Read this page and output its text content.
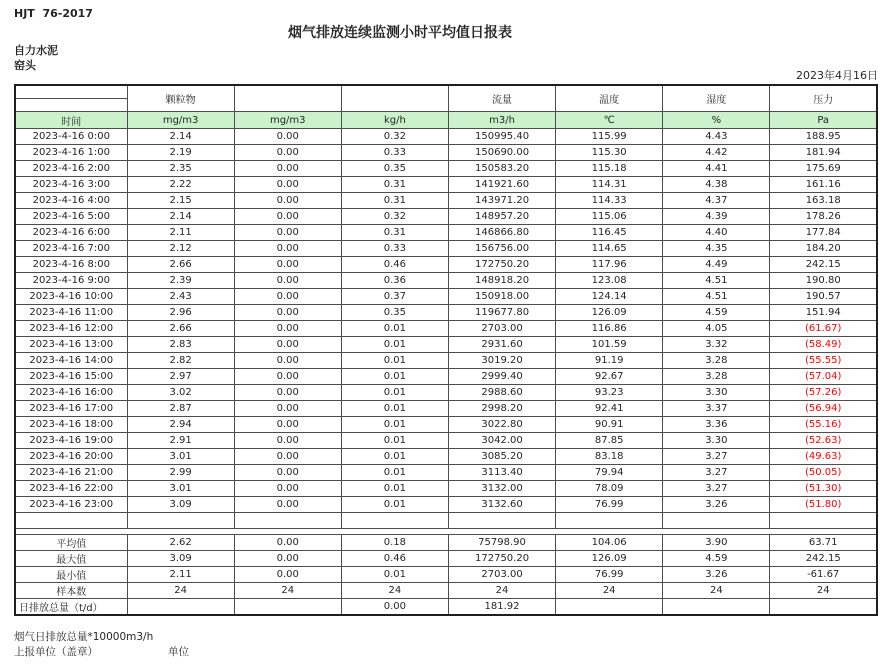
HJT  76-2017
烟气排放连续监测小时平均值日报表
自力水泥
窑头
2023年4月16日
	颗粒物			流量	温度	湿度	压力

时间	mg/m3	mg/m3	kg/h	m3/h	℃	%	Pa
2023-4-16 0:00	2.14	0.00	0.32	150995.40	115.99	4.43	188.95
2023-4-16 1:00	2.19	0.00	0.33	150690.00	115.30	4.42	181.94
2023-4-16 2:00	2.35	0.00	0.35	150583.20	115.18	4.41	175.69
2023-4-16 3:00	2.22	0.00	0.31	141921.60	114.31	4.38	161.16
2023-4-16 4:00	2.15	0.00	0.31	143971.20	114.33	4.37	163.18
2023-4-16 5:00	2.14	0.00	0.32	148957.20	115.06	4.39	178.26
2023-4-16 6:00	2.11	0.00	0.31	146866.80	116.45	4.40	177.84
2023-4-16 7:00	2.12	0.00	0.33	156756.00	114.65	4.35	184.20
2023-4-16 8:00	2.66	0.00	0.46	172750.20	117.96	4.49	242.15
2023-4-16 9:00	2.39	0.00	0.36	148918.20	123.08	4.51	190.80
2023-4-16 10:00	2.43	0.00	0.37	150918.00	124.14	4.51	190.57
2023-4-16 11:00	2.96	0.00	0.35	119677.80	126.09	4.59	151.94
2023-4-16 12:00	2.66	0.00	0.01	2703.00	116.86	4.05	(61.67)
2023-4-16 13:00	2.83	0.00	0.01	2931.60	101.59	3.32	(58.49)
2023-4-16 14:00	2.82	0.00	0.01	3019.20	91.19	3.28	(55.55)
2023-4-16 15:00	2.97	0.00	0.01	2999.40	92.67	3.28	(57.04)
2023-4-16 16:00	3.02	0.00	0.01	2988.60	93.23	3.30	(57.26)
2023-4-16 17:00	2.87	0.00	0.01	2998.20	92.41	3.37	(56.94)
2023-4-16 18:00	2.94	0.00	0.01	3022.80	90.91	3.36	(55.16)
2023-4-16 19:00	2.91	0.00	0.01	3042.00	87.85	3.30	(52.63)
2023-4-16 20:00	3.01	0.00	0.01	3085.20	83.18	3.27	(49.63)
2023-4-16 21:00	2.99	0.00	0.01	3113.40	79.94	3.27	(50.05)
2023-4-16 22:00	3.01	0.00	0.01	3132.00	78.09	3.27	(51.30)
2023-4-16 23:00	3.09	0.00	0.01	3132.60	76.99	3.26	(51.80)

平均值	2.62	0.00	0.18	75798.90	104.06	3.90	63.71
最大值	3.09	0.00	0.46	172750.20	126.09	4.59	242.15
最小值	2.11	0.00	0.01	2703.00	76.99	3.26	-61.67
样本数	24	24	24	24	24	24	24
日排放总量（t/d）			0.00	181.92			
烟气日排放总量*10000m3/h
上报单位（盖章）	单位
